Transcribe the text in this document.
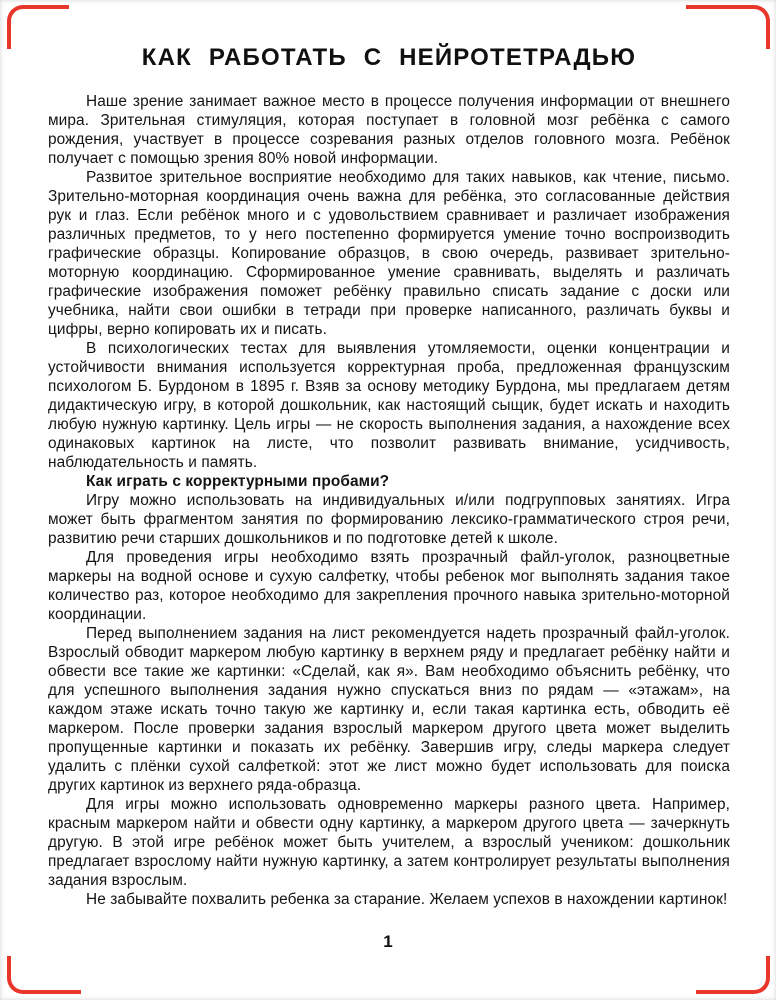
КАК РАБОТАТЬ С НЕЙРОТЕТРАДЬЮ

Наше зрение занимает важное место в процессе получения информации от внешнего мира. Зрительная стимуляция, которая поступает в головной мозг ребёнка с самого рождения, участвует в процессе созревания разных отделов головного мозга. Ребёнок получает с помощью зрения 80% новой информации.

Развитое зрительное восприятие необходимо для таких навыков, как чтение, письмо. Зрительно-моторная координация очень важна для ребёнка, это согласованные действия рук и глаз. Если ребёнок много и с удовольствием сравнивает и различает изображения различных предметов, то у него постепенно формируется умение точно воспроизводить графические образцы. Копирование образцов, в свою очередь, развивает зрительно-моторную координацию. Сформированное умение сравнивать, выделять и различать графические изображения поможет ребёнку правильно списать задание с доски или учебника, найти свои ошибки в тетради при проверке написанного, различать буквы и цифры, верно копировать их и писать.

В психологических тестах для выявления утомляемости, оценки концентрации и устойчивости внимания используется корректурная проба, предложенная французским психологом Б. Бурдоном в 1895 г. Взяв за основу методику Бурдона, мы предлагаем детям дидактическую игру, в которой дошкольник, как настоящий сыщик, будет искать и находить любую нужную картинку. Цель игры — не скорость выполнения задания, а нахождение всех одинаковых картинок на листе, что позволит развивать внимание, усидчивость, наблюдательность и память.

Как играть с корректурными пробами?

Игру можно использовать на индивидуальных и/или подгрупповых занятиях. Игра может быть фрагментом занятия по формированию лексико-грамматического строя речи, развитию речи старших дошкольников и по подготовке детей к школе.

Для проведения игры необходимо взять прозрачный файл-уголок, разноцветные маркеры на водной основе и сухую салфетку, чтобы ребенок мог выполнять задания такое количество раз, которое необходимо для закрепления прочного навыка зрительно-моторной координации.

Перед выполнением задания на лист рекомендуется надеть прозрачный файл-уголок. Взрослый обводит маркером любую картинку в верхнем ряду и предлагает ребёнку найти и обвести все такие же картинки: «Сделай, как я». Вам необходимо объяснить ребёнку, что для успешного выполнения задания нужно спускаться вниз по рядам — «этажам», на каждом этаже искать точно такую же картинку и, если такая картинка есть, обводить её маркером. После проверки задания взрослый маркером другого цвета может выделить пропущенные картинки и показать их ребёнку. Завершив игру, следы маркера следует удалить с плёнки сухой салфеткой: этот же лист можно будет использовать для поиска других картинок из верхнего ряда-образца.

Для игры можно использовать одновременно маркеры разного цвета. Например, красным маркером найти и обвести одну картинку, а маркером другого цвета — зачеркнуть другую. В этой игре ребёнок может быть учителем, а взрослый учеником: дошкольник предлагает взрослому найти нужную картинку, а затем контролирует результаты выполнения задания взрослым.

Не забывайте похвалить ребенка за старание. Желаем успехов в нахождении картинок!

1
